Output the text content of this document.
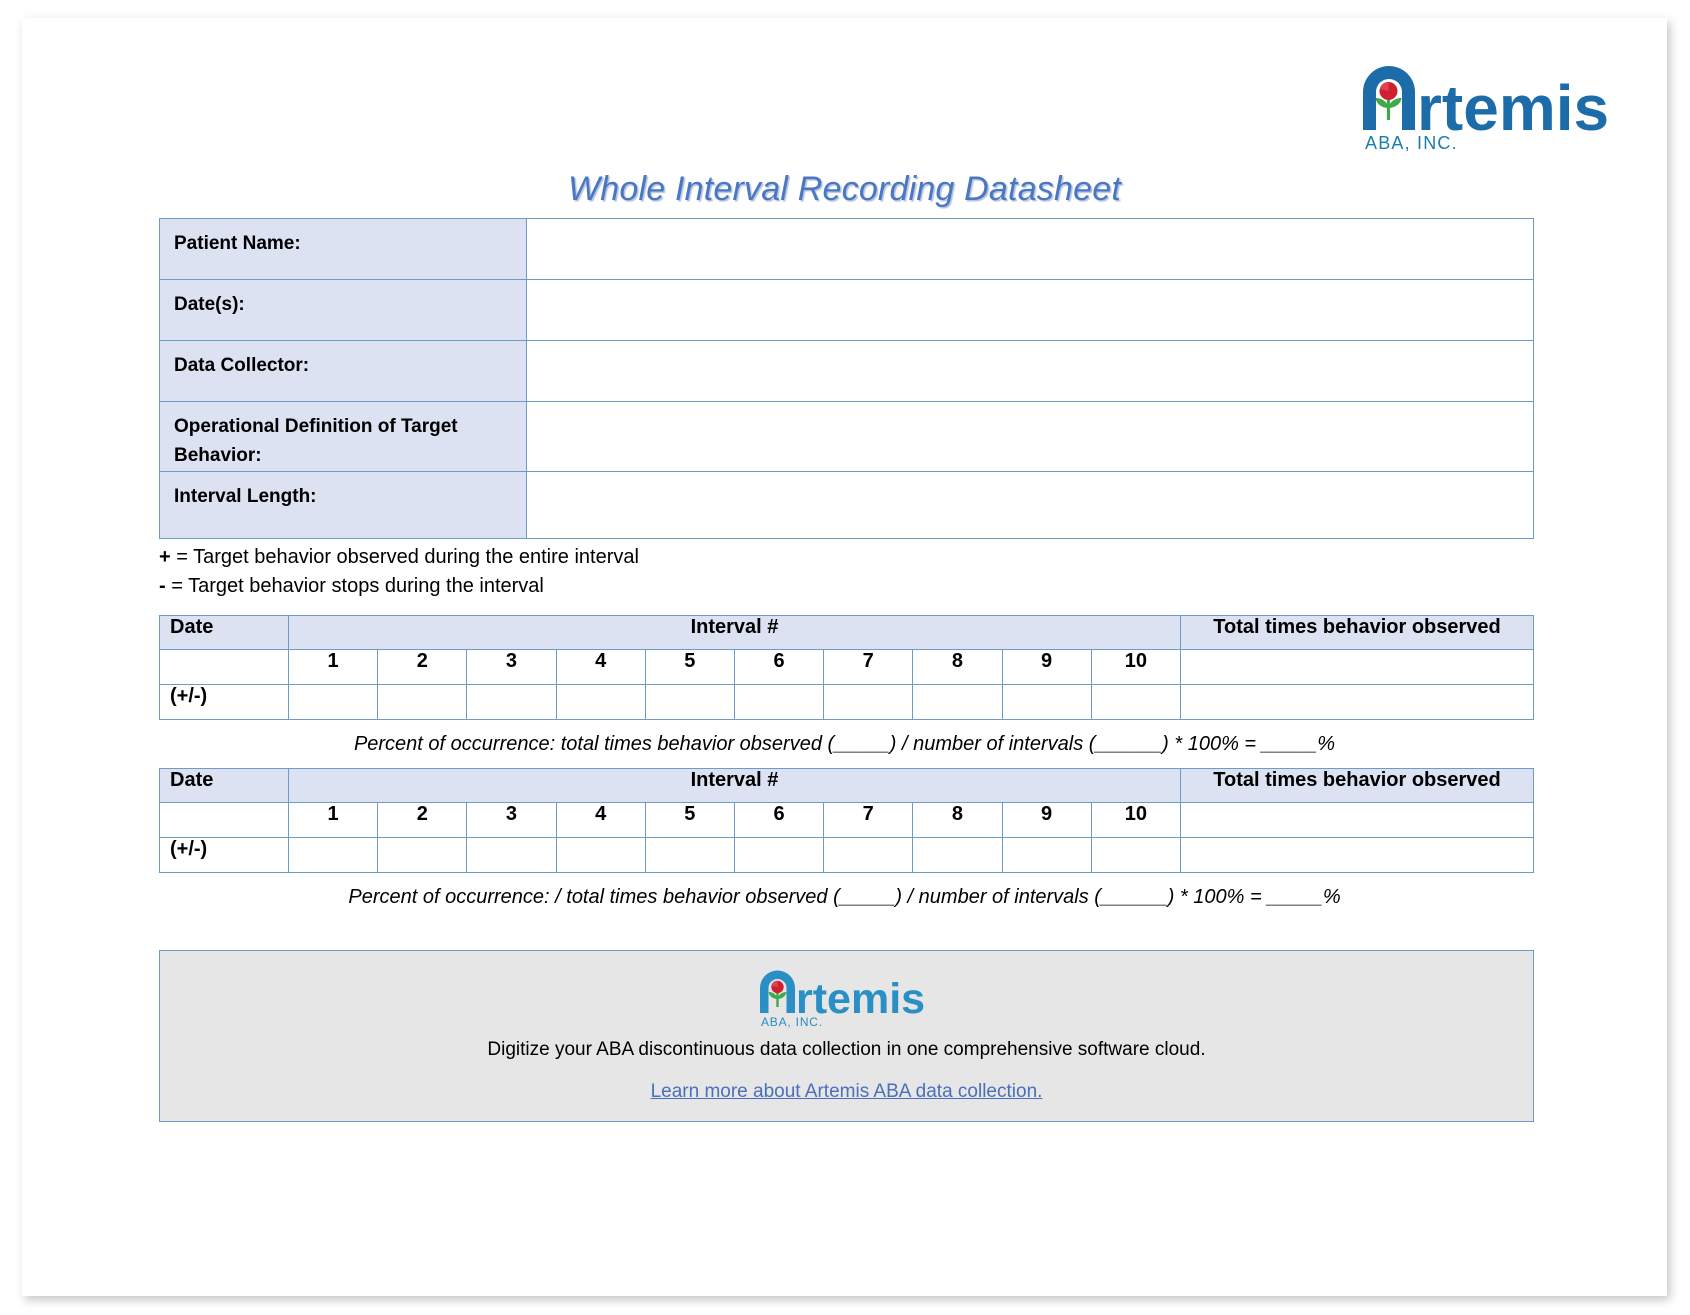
rtemis
ABA, INC.
Whole Interval Recording Datasheet
Patient Name:	
Date(s):	
Data Collector:	
Operational Definition of Target Behavior:	
Interval Length:	
+ = Target behavior observed during the entire interval
- = Target behavior stops during the interval
Date	Interval #										Total times behavior observed
	1	2	3	4	5	6	7	8	9	10	
(+/-)											
Percent of occurrence: total times behavior observed (_____) / number of intervals (______) * 100% = _____%
Date	Interval #										Total times behavior observed
	1	2	3	4	5	6	7	8	9	10	
(+/-)											
Percent of occurrence: / total times behavior observed (_____) / number of intervals (______) * 100% = _____%
rtemis
ABA, INC.
Digitize your ABA discontinuous data collection in one comprehensive software cloud.
Learn more about Artemis ABA data collection.
